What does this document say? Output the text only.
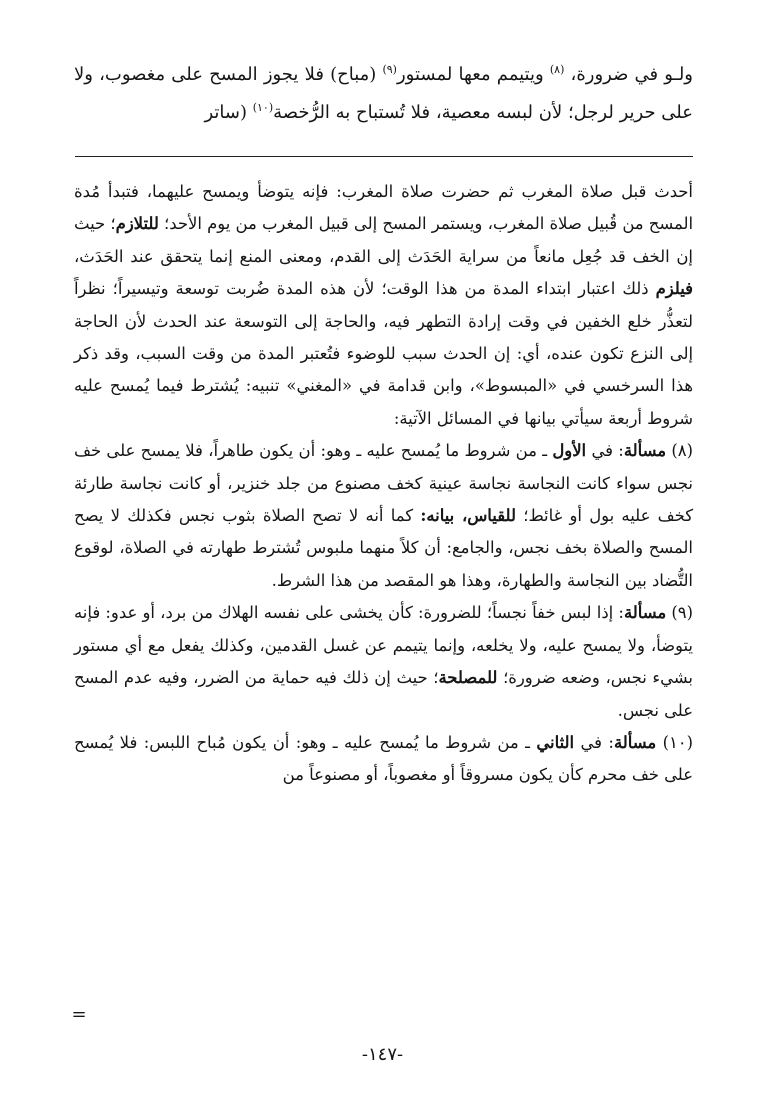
ولـو في ضرورة، $^{(٨)}$ ويتيمم معها لمستور$^{(٩)}$ (مباح) فلا يجوز المسح على مغصوب، ولا على حرير لرجل؛ لأن لبسه معصية، فلا تُستباح به الرُّخصة$^{(١٠)}$ (ساتر

أحدث قبل صلاة المغرب ثم حضرت صلاة المغرب: فإنه يتوضأ ويمسح عليهما، فتبدأ مُدة المسح من قُبيل صلاة المغرب، ويستمر المسح إلى قبيل المغرب من يوم الأحد؛ للتلازم؛ حيث إن الخف قد جُعِل مانعاً من سراية الحَدَث إلى القدم، ومعنى المنع إنما يتحقق عند الحَدَث، فيلزم ذلك اعتبار ابتداء المدة من هذا الوقت؛ لأن هذه المدة ضُربت توسعة وتيسيراً؛ نظراً لتعذُّر خلع الخفين في وقت إرادة التطهر فيه، والحاجة إلى التوسعة عند الحدث لأن الحاجة إلى النزع تكون عنده، أي: إن الحدث سبب للوضوء فتُعتبر المدة من وقت السبب، وقد ذكر هذا السرخسي في «المبسوط»، وابن قدامة في «المغني» تنبيه: يُشترط فيما يُمسح عليه شروط أربعة سيأتي بيانها في المسائل الآتية:

(٨) مسألة: في الأول ـ من شروط ما يُمسح عليه ـ وهو: أن يكون طاهراً، فلا يمسح على خف نجس سواء كانت النجاسة نجاسة عينية كخف مصنوع من جلد خنزير، أو كانت نجاسة طارئة كخف عليه بول أو غائط؛ للقياس، بيانه: كما أنه لا تصح الصلاة بثوب نجس فكذلك لا يصح المسح والصلاة بخف نجس، والجامع: أن كلاً منهما ملبوس تُشترط طهارته في الصلاة، لوقوع التُّضاد بين النجاسة والطهارة، وهذا هو المقصد من هذا الشرط.

(٩) مسألة: إذا لبس خفاً نجساً؛ للضرورة: كأن يخشى على نفسه الهلاك من برد، أو عدو: فإنه يتوضأ، ولا يمسح عليه، ولا يخلعه، وإنما يتيمم عن غسل القدمين، وكذلك يفعل مع أي مستور بشيء نجس، وضعه ضرورة؛ للمصلحة؛ حيث إن ذلك فيه حماية من الضرر، وفيه عدم المسح على نجس.

(١٠) مسألة: في الثاني ـ من شروط ما يُمسح عليه ـ وهو: أن يكون مُباح اللبس: فلا يُمسح على خف محرم كأن يكون مسروقاً أو مغصوباً، أو مصنوعاً من

=
-١٤٧-
